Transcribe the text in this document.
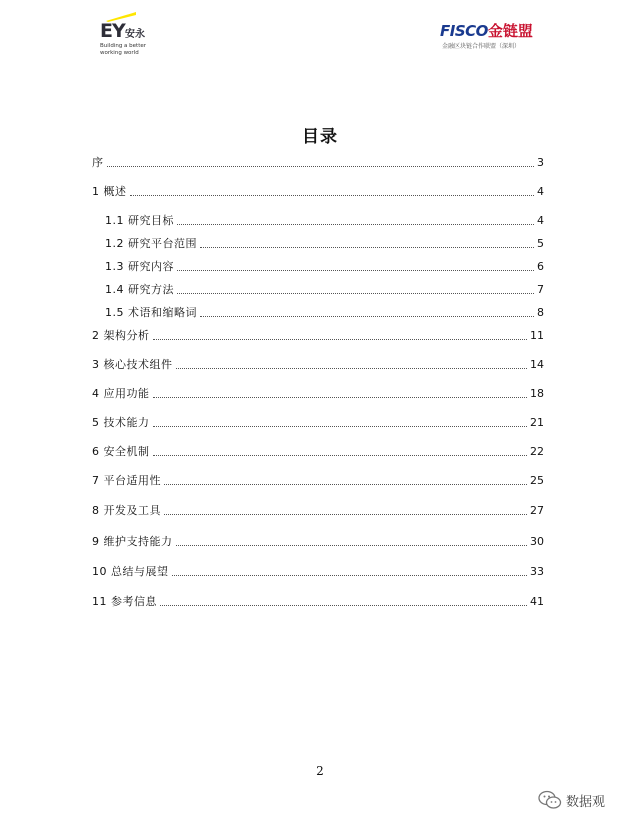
EY 安永
Building a better
working world
FISCO金链盟
金融区块链合作联盟（深圳）
目录
序	3
1 概述	4
1.1 研究目标	4
1.2 研究平台范围	5
1.3 研究内容	6
1.4 研究方法	7
1.5 术语和缩略词	8
2 架构分析	11
3 核心技术组件	14
4 应用功能	18
5 技术能力	21
6 安全机制	22
7 平台适用性	25
8 开发及工具	27
9 维护支持能力	30
10 总结与展望	33
11 参考信息	41
2
数据观
